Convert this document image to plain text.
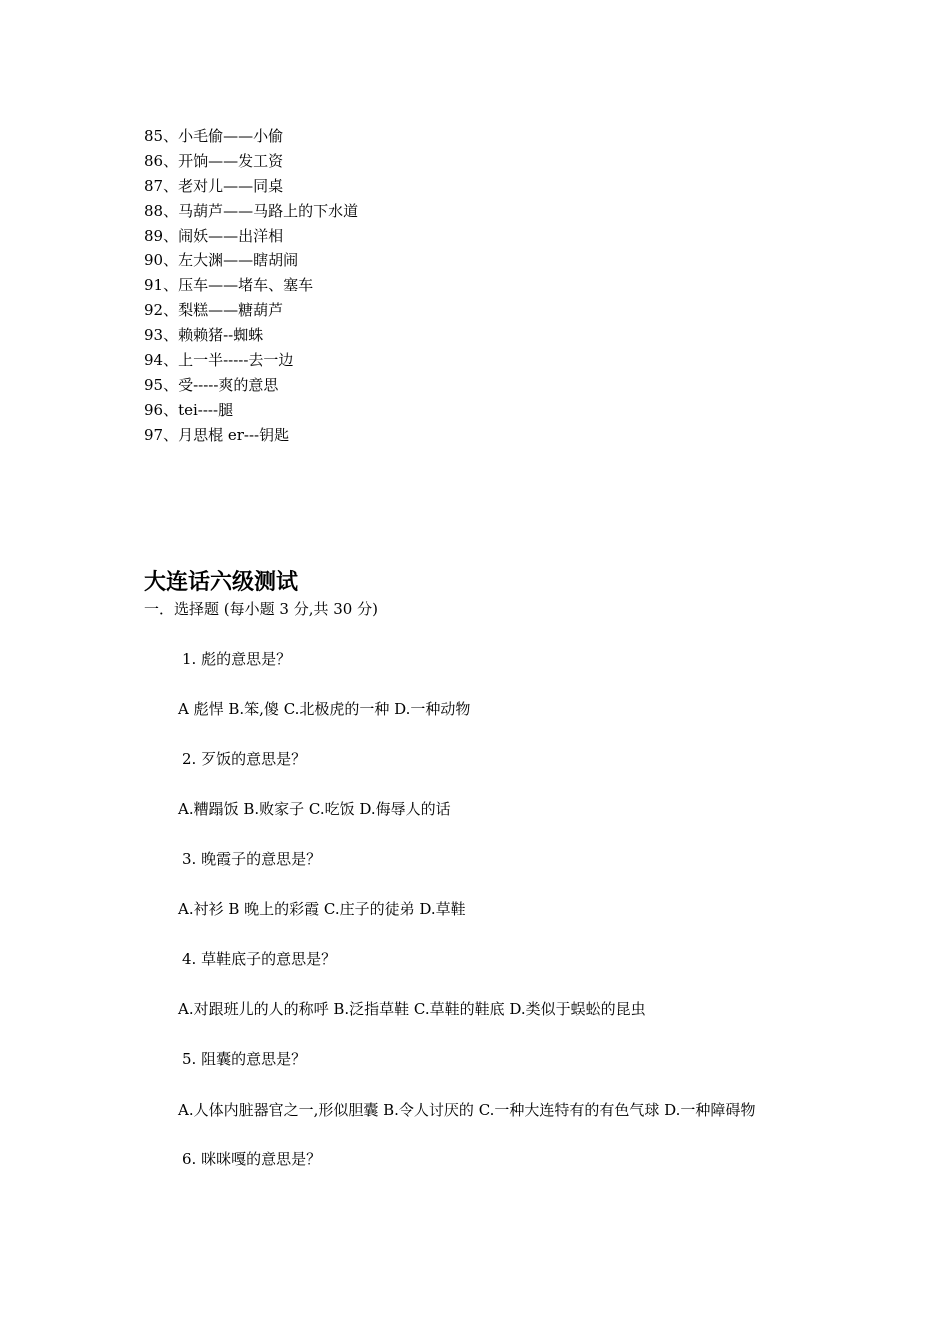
85、小毛偷——小偷
86、开饷——发工资
87、老对儿——同桌
88、马葫芦——马路上的下水道
89、闹妖——出洋相
90、左大渊——瞎胡闹
91、压车——堵车、塞车
92、梨糕——糖葫芦
93、赖赖猪--蜘蛛
94、上一半-----去一边
95、受-----爽的意思
96、tei----腿
97、月思棍 er---钥匙
大连话六级测试

一．选择题 (每小题 3 分,共 30 分)

1. 彪的意思是？
A 彪悍 B.笨,傻 C.北极虎的一种 D.一种动物
2. 歹饭的意思是？
A.糟蹋饭 B.败家子 C.吃饭 D.侮辱人的话
3. 晚霞子的意思是？
A.衬衫 B 晚上的彩霞 C.庄子的徒弟 D.草鞋
4. 草鞋底子的意思是？
A.对跟班儿的人的称呼 B.泛指草鞋 C.草鞋的鞋底 D.类似于蜈蚣的昆虫
5. 阻囊的意思是？
A.人体内脏器官之一,形似胆囊 B.令人讨厌的 C.一种大连特有的有色气球 D.一种障碍物
6. 咪咪嘎的意思是？
